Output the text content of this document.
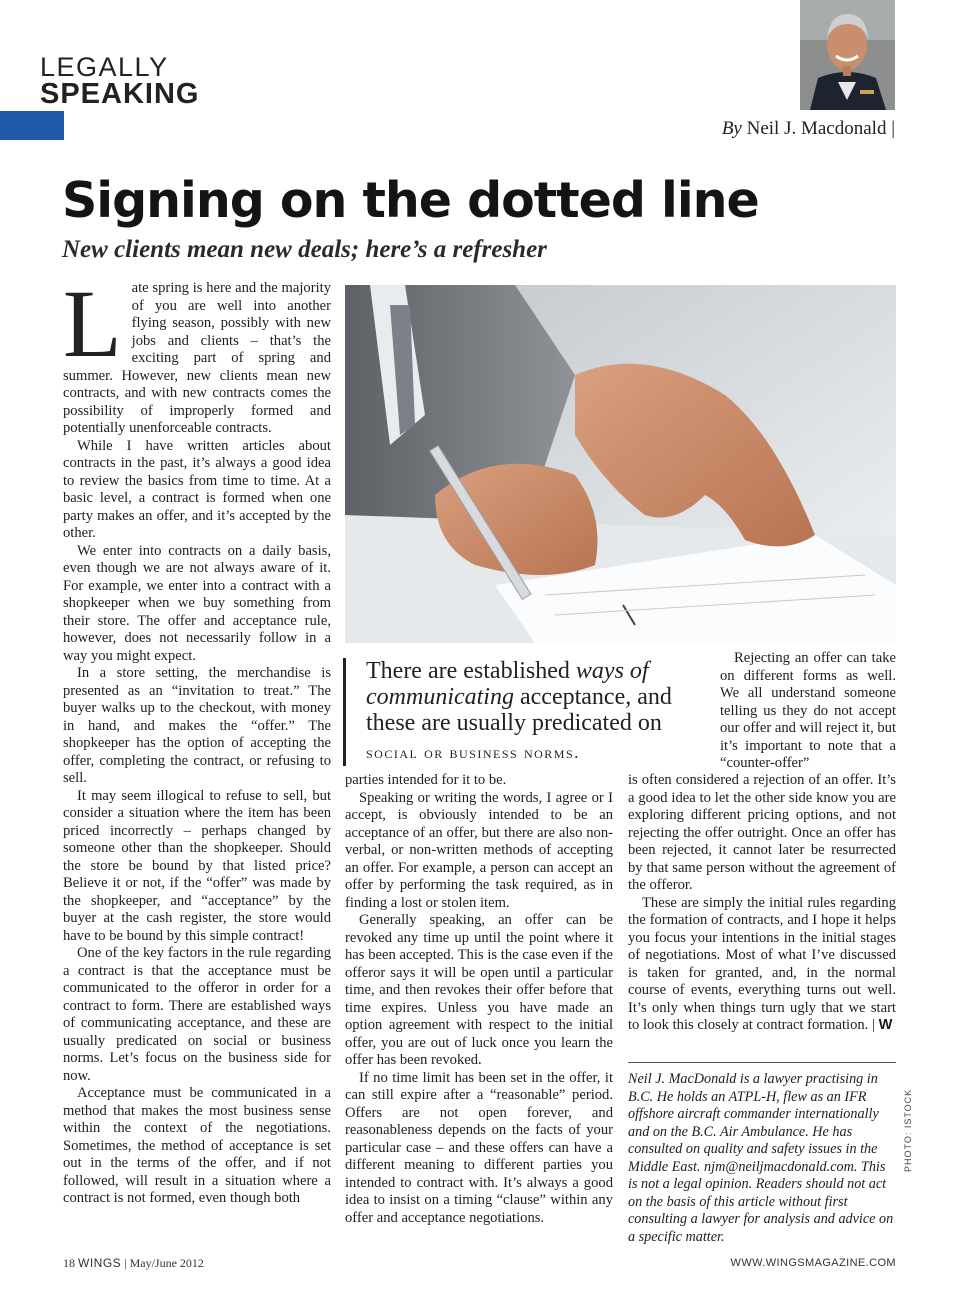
LEGALLY
SPEAKING
By Neil J. Macdonald |
Signing on the dotted line
New clients mean new deals; here’s a refresher

Late spring is here and the majority of you are well into another flying season, possibly with new jobs and clients – that’s the exciting part of spring and summer. However, new clients mean new contracts, and with new contracts comes the possibility of improperly formed and potentially unenforceable contracts.

While I have written articles about contracts in the past, it’s always a good idea to review the basics from time to time. At a basic level, a contract is formed when one party makes an offer, and it’s accepted by the other.

We enter into contracts on a daily basis, even though we are not always aware of it. For example, we enter into a contract with a shopkeeper when we buy something from their store. The offer and acceptance rule, however, does not necessarily follow in a way you might expect.

In a store setting, the merchandise is presented as an “invitation to treat.” The buyer walks up to the checkout, with money in hand, and makes the “offer.” The shopkeeper has the option of accepting the offer, completing the contract, or refusing to sell.

It may seem illogical to refuse to sell, but consider a situation where the item has been priced incorrectly – perhaps changed by someone other than the shopkeeper. Should the store be bound by that listed price? Believe it or not, if the “offer” was made by the shopkeeper, and “acceptance” by the buyer at the cash register, the store would have to be bound by this simple contract!

One of the key factors in the rule regarding a contract is that the acceptance must be communicated to the offeror in order for a contract to form. There are established ways of communicating acceptance, and these are usually predicated on social or business norms. Let’s focus on the business side for now.

Acceptance must be communicated in a method that makes the most business sense within the context of the negotiations. Sometimes, the method of acceptance is set out in the terms of the offer, and if not followed, will result in a situation where a contract is not formed, even though both

There are established ways of communicating acceptance, and these are usually predicated on
social or business norms.

Rejecting an offer can take on different forms as well. We all understand someone telling us they do not accept our offer and will reject it, but it’s important to note that a “counter-offer”

parties intended for it to be.

Speaking or writing the words, I agree or I accept, is obviously intended to be an acceptance of an offer, but there are also non-verbal, or non-written methods of accepting an offer. For example, a person can accept an offer by performing the task required, as in finding a lost or stolen item.

Generally speaking, an offer can be revoked any time up until the point where it has been accepted. This is the case even if the offeror says it will be open until a particular time, and then revokes their offer before that time expires. Unless you have made an option agreement with respect to the initial offer, you are out of luck once you learn the offer has been revoked.

If no time limit has been set in the offer, it can still expire after a “reasonable” period. Offers are not open forever, and reasonableness depends on the facts of your particular case – and these offers can have a different meaning to different parties you intended to contract with. It’s always a good idea to insist on a timing “clause” within any offer and acceptance negotiations.

is often considered a rejection of an offer. It’s a good idea to let the other side know you are exploring different pricing options, and not rejecting the offer outright. Once an offer has been rejected, it cannot later be resurrected by that same person without the agreement of the offeror.

These are simply the initial rules regarding the formation of contracts, and I hope it helps you focus your intentions in the initial stages of negotiations. Most of what I’ve discussed is taken for granted, and, in the normal course of events, everything turns out well. It’s only when things turn ugly that we start to look this closely at contract formation. | W

Neil J. MacDonald is a lawyer practising in B.C. He holds an ATPL-H, flew as an IFR offshore aircraft commander internationally and on the B.C. Air Ambulance. He has consulted on quality and safety issues in the Middle East. njm@neiljmacdonald.com. This is not a legal opinion. Readers should not act on the basis of this article without first consulting a lawyer for analysis and advice on a specific matter.
PHOTO: ISTOCK
18 WINGS | May/June 2012	WWW.WINGSMAGAZINE.COM
